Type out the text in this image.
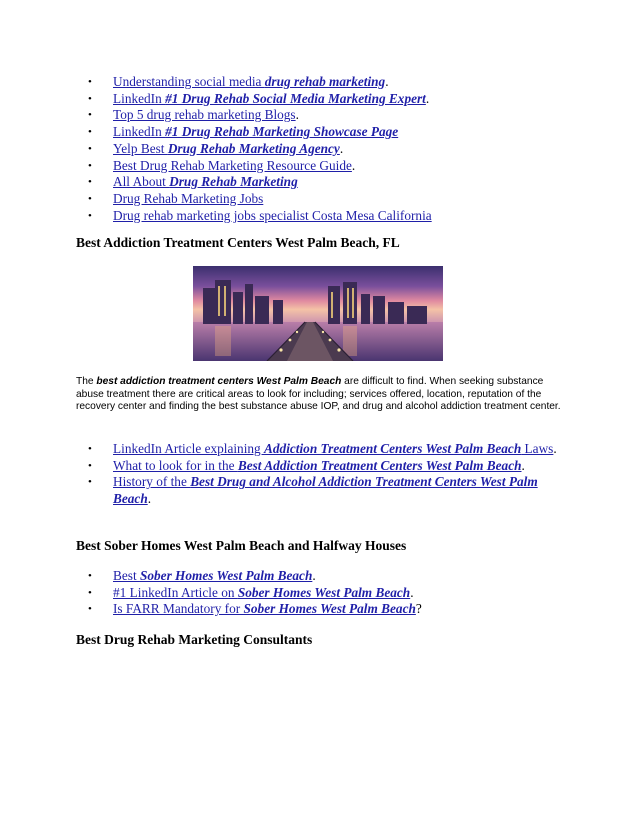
• Understanding social media drug rehab marketing.
• LinkedIn #1 Drug Rehab Social Media Marketing Expert.
• Top 5 drug rehab marketing Blogs.
• LinkedIn #1 Drug Rehab Marketing Showcase Page
• Yelp Best Drug Rehab Marketing Agency.
• Best Drug Rehab Marketing Resource Guide.
• All About Drug Rehab Marketing
• Drug Rehab Marketing Jobs
• Drug rehab marketing jobs specialist Costa Mesa California
Best Addiction Treatment Centers West Palm Beach, FL

The best addiction treatment centers West Palm Beach are difficult to find. When seeking substance abuse treatment there are critical areas to look for including; services offered, location, reputation of the recovery center and finding the best substance abuse IOP, and drug and alcohol addiction treatment center.

• LinkedIn Article explaining Addiction Treatment Centers West Palm Beach Laws.
• What to look for in the Best Addiction Treatment Centers West Palm Beach.
• History of the Best Drug and Alcohol Addiction Treatment Centers West Palm Beach.
Best Sober Homes West Palm Beach and Halfway Houses
• Best Sober Homes West Palm Beach.
• #1 LinkedIn Article on Sober Homes West Palm Beach.
• Is FARR Mandatory for Sober Homes West Palm Beach?
Best Drug Rehab Marketing Consultants
